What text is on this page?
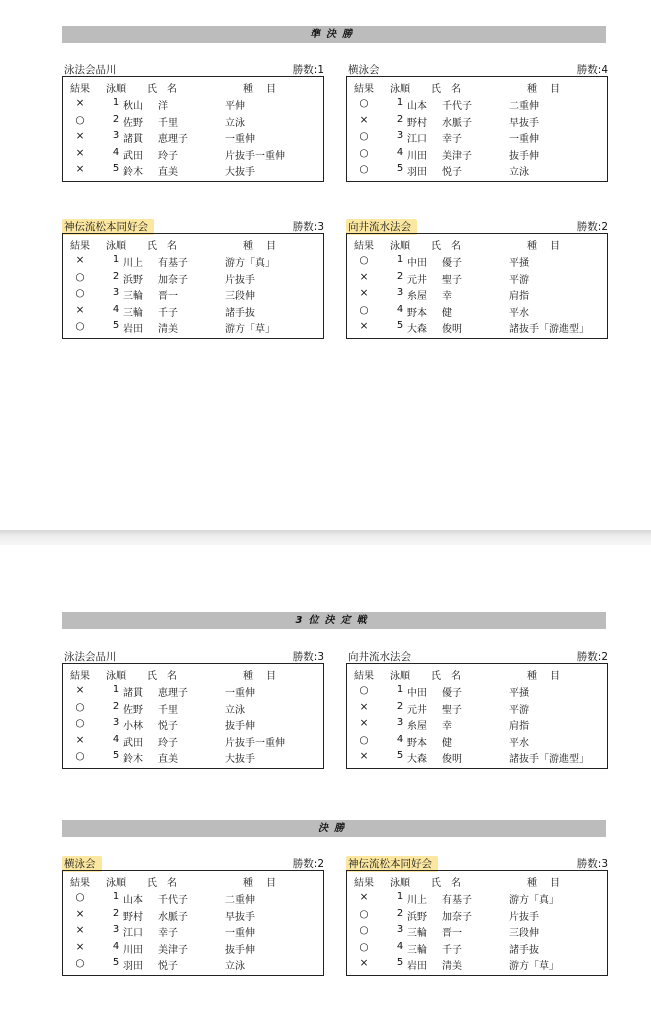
準決勝
泳法会品川	勝数:1
結果	泳順	氏 名	種 目
×	1 秋山 洋	平伸
○	2 佐野 千里	立泳
×	3 諸貫 恵理子	一重伸
×	4 武田 玲子	片抜手一重伸
×	5 鈴木 直美	大抜手
横泳会	勝数:4
結果	泳順	氏 名	種 目
○	1 山本 千代子	二重伸
×	2 野村 水脈子	早抜手
○	3 江口 幸子	一重伸
○	4 川田 美津子	抜手伸
○	5 羽田 悦子	立泳
神伝流松本同好会	勝数:3
結果	泳順	氏 名	種 目
×	1 川上 有基子	游方「真」
○	2 浜野 加奈子	片抜手
○	3 三輪 晋一	三段伸
×	4 三輪 千子	諸手抜
○	5 岩田 清美	游方「草」
向井流水法会	勝数:2
結果	泳順	氏 名	種 目
○	1 中田 優子	平掻
×	2 元井 聖子	平游
×	3 糸屋 幸	肩指
○	4 野本 健	平水
×	5 大森 俊明	諸抜手「游進型」
3位決定戦
泳法会品川	勝数:3
結果	泳順	氏 名	種 目
×	1 諸貫 恵理子	一重伸
○	2 佐野 千里	立泳
○	3 小林 悦子	抜手伸
×	4 武田 玲子	片抜手一重伸
○	5 鈴木 直美	大抜手
向井流水法会	勝数:2
結果	泳順	氏 名	種 目
○	1 中田 優子	平掻
×	2 元井 聖子	平游
×	3 糸屋 幸	肩指
○	4 野本 健	平水
×	5 大森 俊明	諸抜手「游進型」
決勝
横泳会	勝数:2
結果	泳順	氏 名	種 目
○	1 山本 千代子	二重伸
×	2 野村 水脈子	早抜手
×	3 江口 幸子	一重伸
×	4 川田 美津子	抜手伸
○	5 羽田 悦子	立泳
神伝流松本同好会	勝数:3
結果	泳順	氏 名	種 目
×	1 川上 有基子	游方「真」
○	2 浜野 加奈子	片抜手
○	3 三輪 晋一	三段伸
○	4 三輪 千子	諸手抜
×	5 岩田 清美	游方「草」
